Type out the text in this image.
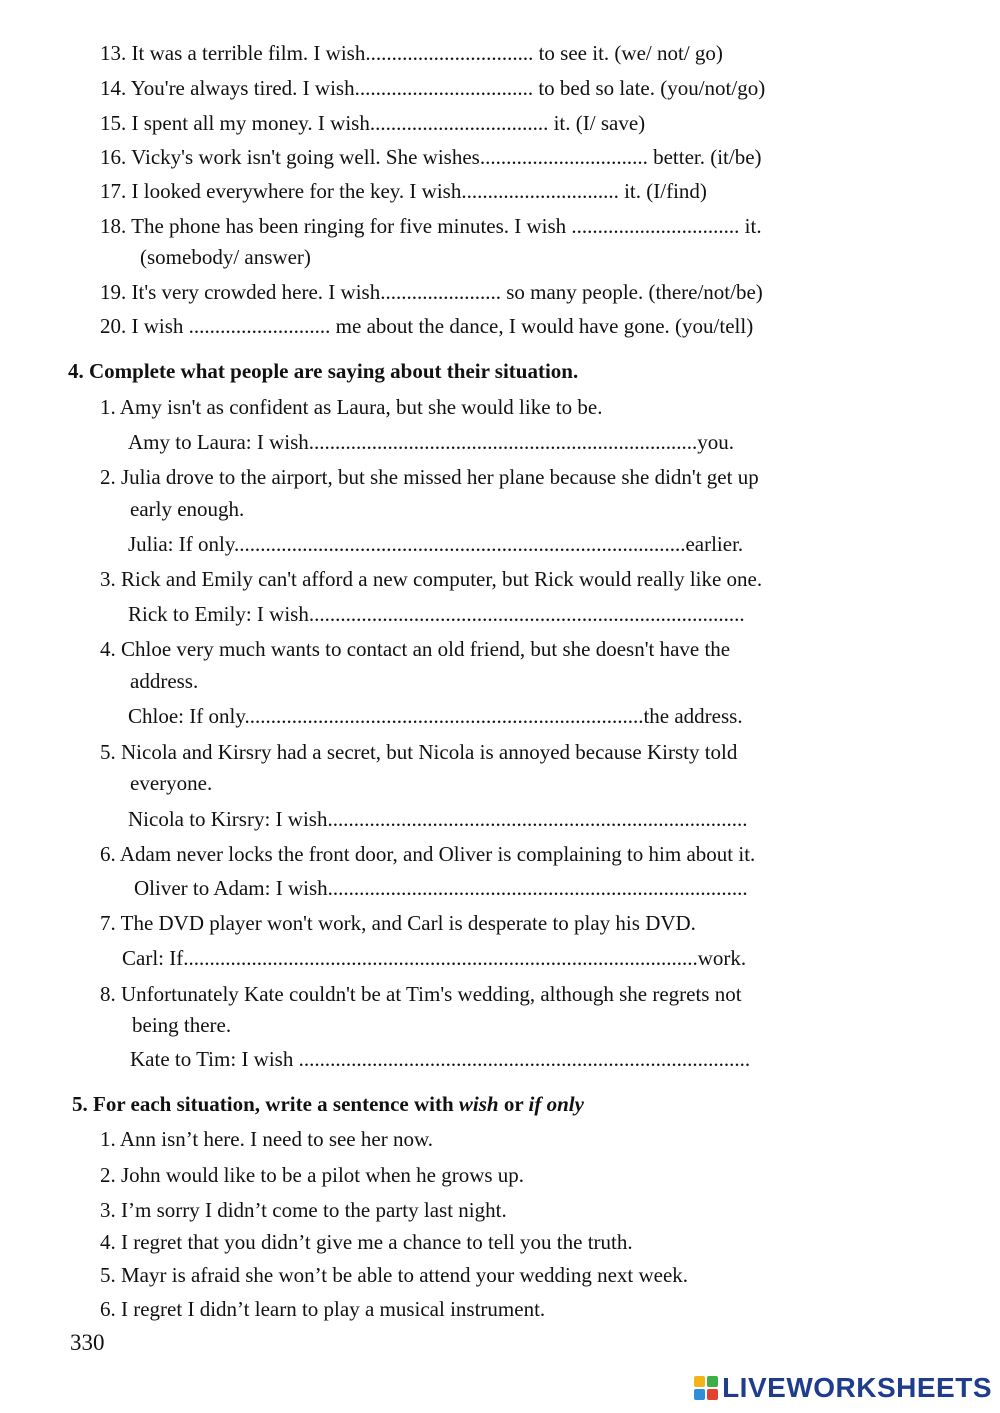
13. It was a terrible film. I wish................................ to see it. (we/ not/ go)
14. You're always tired. I wish.................................. to bed so late. (you/not/go)
15. I spent all my money. I wish.................................. it. (I/ save)
16. Vicky's work isn't going well. She wishes................................ better. (it/be)
17. I looked everywhere for the key. I wish.............................. it. (I/find)
18. The phone has been ringing for five minutes. I wish ................................ it.
(somebody/ answer)
19. It's very crowded here. I wish....................... so many people. (there/not/be)
20. I wish ........................... me about the dance, I would have gone. (you/tell)
4. Complete what people are saying about their situation.
1. Amy isn't as confident as Laura, but she would like to be.
Amy to Laura: I wish..........................................................................you.
2. Julia drove to the airport, but she missed her plane because she didn't get up
early enough.
Julia: If only......................................................................................earlier.
3. Rick and Emily can't afford a new computer, but Rick would really like one.
Rick to Emily: I wish...................................................................................
4. Chloe very much wants to contact an old friend, but she doesn't have the
address.
Chloe: If only............................................................................the address.
5. Nicola and Kirsry had a secret, but Nicola is annoyed because Kirsty told
everyone.
Nicola to Kirsry: I wish................................................................................
6. Adam never locks the front door, and Oliver is complaining to him about it.
Oliver to Adam: I wish................................................................................
7. The DVD player won't work, and Carl is desperate to play his DVD.
Carl: If..................................................................................................work.
8. Unfortunately Kate couldn't be at Tim's wedding, although she regrets not
being there.
Kate to Tim: I wish ......................................................................................
5. For each situation, write a sentence with wish or if only
1. Ann isn’t here. I need to see her now.
2. John would like to be a pilot when he grows up.
3. I’m sorry I didn’t come to the party last night.
4. I regret that you didn’t give me a chance to tell you the truth.
5. Mayr is afraid she won’t be able to attend your wedding next week.
6. I regret I didn’t learn to play a musical instrument.
330
LIVEWORKSHEETS
